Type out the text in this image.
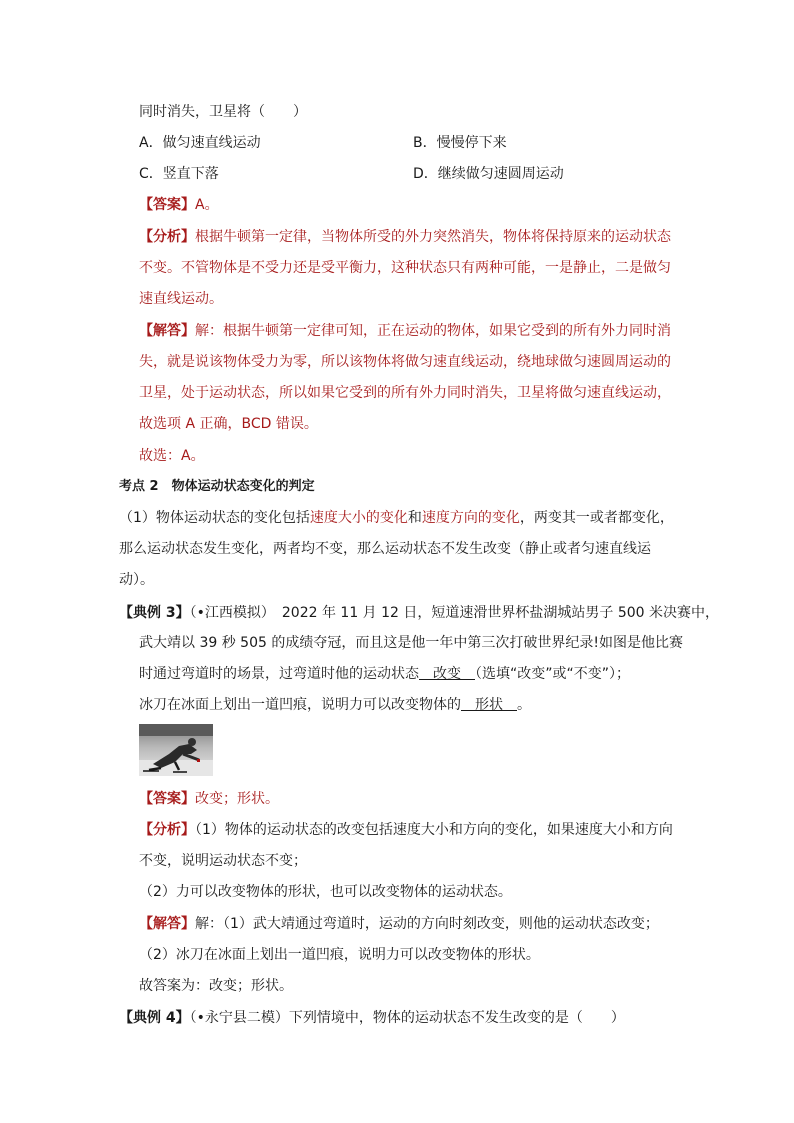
同时消失，卫星将（　　）
A．做匀速直线运动	B．慢慢停下来
C．竖直下落	D．继续做匀速圆周运动
【答案】A。
【分析】根据牛顿第一定律，当物体所受的外力突然消失，物体将保持原来的运动状态
不变。不管物体是不受力还是受平衡力，这种状态只有两种可能，一是静止，二是做匀
速直线运动。
【解答】解：根据牛顿第一定律可知，正在运动的物体，如果它受到的所有外力同时消
失，就是说该物体受力为零，所以该物体将做匀速直线运动，绕地球做匀速圆周运动的
卫星，处于运动状态，所以如果它受到的所有外力同时消失，卫星将做匀速直线运动，
故选项 A 正确，BCD 错误。
故选：A。
考点 2　 物体运动状态变化的判定
（1）物体运动状态的变化包括速度大小的变化和速度方向的变化，两变其一或者都变化，
那么运动状态发生变化，两者均不变，那么运动状态不发生改变（静止或者匀速直线运
动）。
【典例 3】（•江西模拟）　 2022 年 11 月 12 日，短道速滑世界杯盐湖城站男子 500 米决赛中，
武大靖以 39 秒 505 的成绩夺冠，而且这是他一年中第三次打破世界纪录!如图是他比赛
时通过弯道时的场景，过弯道时他的运动状态　改变　（选填“改变”或“不变”）；
冰刀在冰面上划出一道凹痕，说明力可以改变物体的　形状　。
【答案】改变；形状。
【分析】（1）物体的运动状态的改变包括速度大小和方向的变化，如果速度大小和方向
不变，说明运动状态不变；
（2）力可以改变物体的形状，也可以改变物体的运动状态。
【解答】解：（1）武大靖通过弯道时，运动的方向时刻改变，则他的运动状态改变；
（2）冰刀在冰面上划出一道凹痕，说明力可以改变物体的形状。
故答案为：改变；形状。
【典例 4】（•永宁县二模）下列情境中，物体的运动状态不发生改变的是（　　）
